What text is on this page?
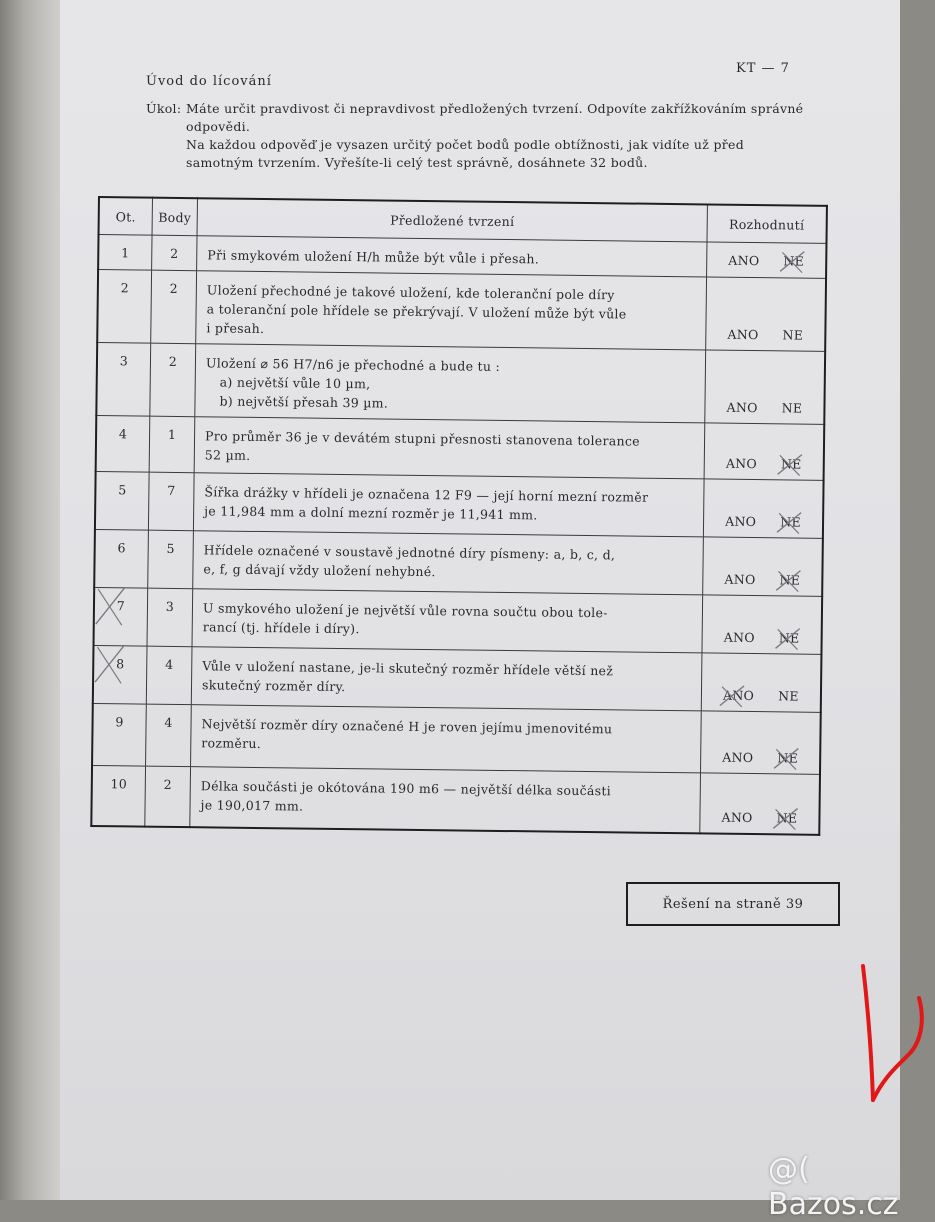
Úvod do lícování
KT — 7
Úkol: Máte určit pravdivost či nepravdivost předložených tvrzení. Odpovíte zakřížkováním správné odpovědi.

Na každou odpověď je vysazen určitý počet bodů podle obtížnosti, jak vidíte už před samotným tvrzením. Vyřešíte-li celý test správně, dosáhnete 32 bodů.

Ot.	Body	Předložené tvrzení	Rozhodnutí
1	2	Při smykovém uložení H/h může být vůle i přesah.	ANO NE

2	2	Uložení přechodné je takové uložení, kde toleranční pole díry
a toleranční pole hřídele se překrývají. V uložení může být vůle
i přesah.	ANO NE
3	2	Uložení ⌀ 56 H7/n6 je přechodné a bude tu :
a) největší vůle 10 µm,
b) největší přesah 39 µm.	ANO NE
4	1	Pro průměr 36 je v devátém stupni přesnosti stanovena tolerance
52 µm.	ANO NE

5	7	Šířka drážky v hřídeli je označena 12 F9 — její horní mezní rozměr
je 11,984 mm a dolní mezní rozměr je 11,941 mm.	ANO NE

6	5	Hřídele označené v soustavě jednotné díry písmeny: a, b, c, d,
e, f, g dávají vždy uložení nehybné.	ANO NE

7	3	U smykového uložení je největší vůle rovna součtu obou tole-
rancí (tj. hřídele i díry).	ANO NE

8	4	Vůle v uložení nastane, je-li skutečný rozměr hřídele větší než
skutečný rozměr díry.	ANO NE
9	4	Největší rozměr díry označené H je roven jejímu jmenovitému
rozměru.	ANO NE

10	2	Délka součásti je okótována 190 m6 — největší délka součásti
je 190,017 mm.	ANO NE
Řešení na straně 39
@( Bazos.cz
